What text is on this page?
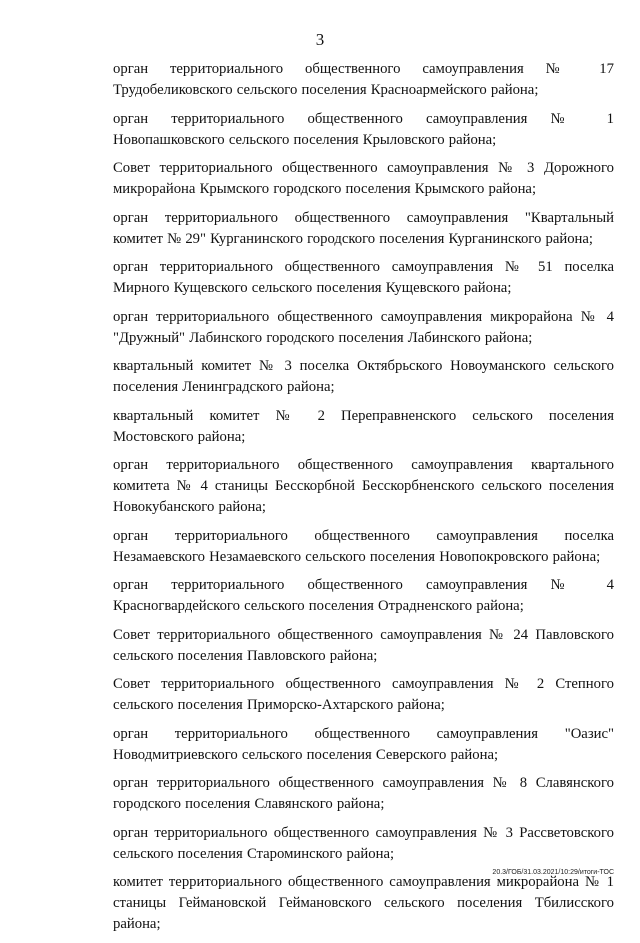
3

орган территориального общественного самоуправления № 17 Трудобеликовского сельского поселения Красноармейского района;

орган территориального общественного самоуправления № 1 Новопашковского сельского поселения Крыловского района;

Совет территориального общественного самоуправления № 3 Дорожного микрорайона Крымского городского поселения Крымского района;

орган территориального общественного самоуправления "Квартальный комитет № 29" Курганинского городского поселения Курганинского района;

орган территориального общественного самоуправления № 51 поселка Мирного Кущевского сельского поселения Кущевского района;

орган территориального общественного самоуправления микрорайона № 4 "Дружный" Лабинского городского поселения Лабинского района;

квартальный комитет № 3 поселка Октябрьского Новоуманского сельского поселения Ленинградского района;

квартальный комитет № 2 Переправненского сельского поселения Мостовского района;

орган территориального общественного самоуправления квартального комитета № 4 станицы Бесскорбной Бесскорбненского сельского поселения Новокубанского района;

орган территориального общественного самоуправления поселка Незамаевского Незамаевского сельского поселения Новопокровского района;

орган территориального общественного самоуправления № 4 Красногвардейского сельского поселения Отрадненского района;

Совет территориального общественного самоуправления № 24 Павловского сельского поселения Павловского района;

Совет территориального общественного самоуправления № 2 Степного сельского поселения Приморско-Ахтарского района;

орган территориального общественного самоуправления "Оазис" Новодмитриевского сельского поселения Северского района;

орган территориального общественного самоуправления № 8 Славянского городского поселения Славянского района;

орган территориального общественного самоуправления № 3 Рассветовского сельского поселения Староминского района;

комитет территориального общественного самоуправления микрорайона № 1 станицы Геймановской Геймановского сельского поселения Тбилисского района;

20.3/ГОБ/31.03.2021/10:29/итоги-ТОС
